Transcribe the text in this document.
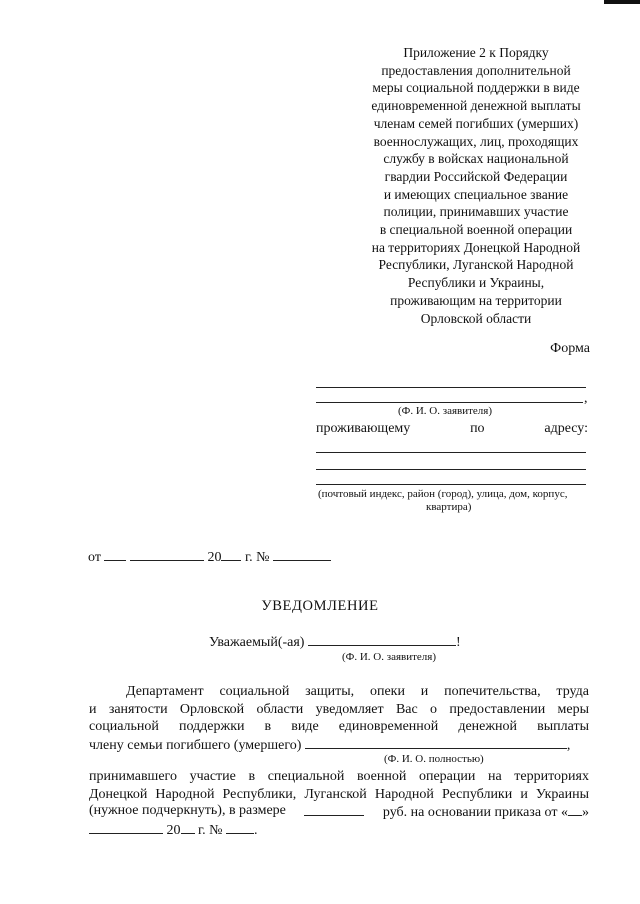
Приложение 2 к Порядку
предоставления дополнительной
меры социальной поддержки в виде
единовременной денежной выплаты
членам семей погибших (умерших)
военнослужащих, лиц, проходящих
службу в войсках национальной
гвардии Российской Федерации
и имеющих специальное звание
полиции, принимавших участие
в специальной военной операции
на территориях Донецкой Народной
Республики, Луганской Народной
Республики и Украины,
проживающим на территории
Орловской области
Форма
,
(Ф. И. О. заявителя)
проживающему	по	адресу:
(почтовый индекс, район (город), улица, дом, корпус,
квартира)
от	20 г. №
УВЕДОМЛЕНИЕ
Уважаемый(-ая)	!
(Ф. И. О. заявителя)
Департамент социальной защиты, опеки и попечительства, труда
и занятости Орловской области уведомляет Вас о предоставлении меры
социальной поддержки в виде единовременной денежной выплаты
члену семьи погибшего (умершего)	,
(Ф. И. О. полностью)
принимавшего участие в специальной военной операции на территориях
Донецкой Народной Республики, Луганской Народной Республики и Украины
(нужное подчеркнуть), в размере	руб. на основании приказа от « »
20 г. № .
